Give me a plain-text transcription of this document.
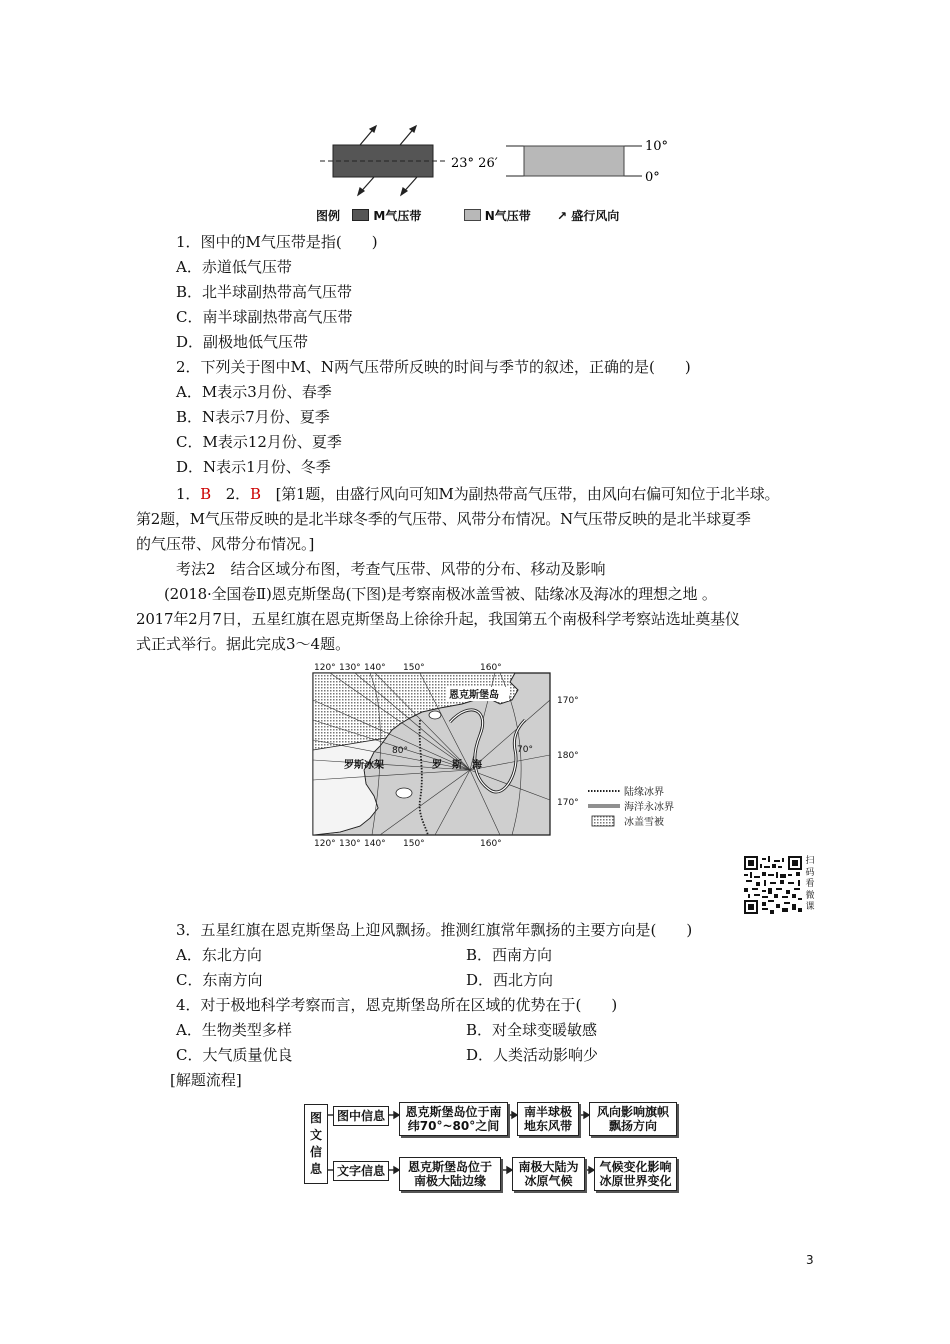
23° 26′
10°
0°
图例	M气压带	N气压带 ↗ 盛行风向
1．图中的M气压带是指(　　)
A．赤道低气压带
B．北半球副热带高气压带
C．南半球副热带高气压带
D．副极地低气压带
2．下列关于图中M、N两气压带所反映的时间与季节的叙述，正确的是(　　)
A．M表示3月份、春季
B．N表示7月份、夏季
C．M表示12月份、夏季
D．N表示1月份、冬季
1．B　2．B　[第1题，由盛行风向可知M为副热带高气压带，由风向右偏可知位于北半球。
第2题，M气压带反映的是北半球冬季的气压带、风带分布情况。N气压带反映的是北半球夏季
的气压带、风带分布情况。]
考法2　结合区域分布图，考查气压带、风带的分布、移动及影响
(2018·全国卷Ⅱ)恩克斯堡岛(下图)是考察南极冰盖雪被、陆缘冰及海冰的理想之地 。
2017年2月7日，五星红旗在恩克斯堡岛上徐徐升起，我国第五个南极科学考察站选址奠基仪
式正式举行。据此完成3～4题。
120° 130° 140° 150°	160°
120° 130° 140° 150°	160°
170°
180°
170°
80°	70°
恩克斯堡岛
罗斯冰架	罗　斯　海
陆缘冰界
海洋永冰界
冰盖雪被
扫
码
看
微
课
3．五星红旗在恩克斯堡岛上迎风飘扬。推测红旗常年飘扬的主要方向是(　　)
A．东北方向	B．西南方向
C．东南方向	D．西北方向
4．对于极地科学考察而言，恩克斯堡岛所在区域的优势在于(　　)
A．生物类型多样	B．对全球变暖敏感
C．大气质量优良	D．人类活动影响少
[解题流程]
图
文
信
息
图中信息	恩克斯堡岛位于南
纬70°~80°之间
南半球极
地东风带
风向影响旗帜
飘扬方向
文字信息	恩克斯堡岛位于
南极大陆边缘
南极大陆为
冰原气候
气候变化影响
冰原世界变化
3
